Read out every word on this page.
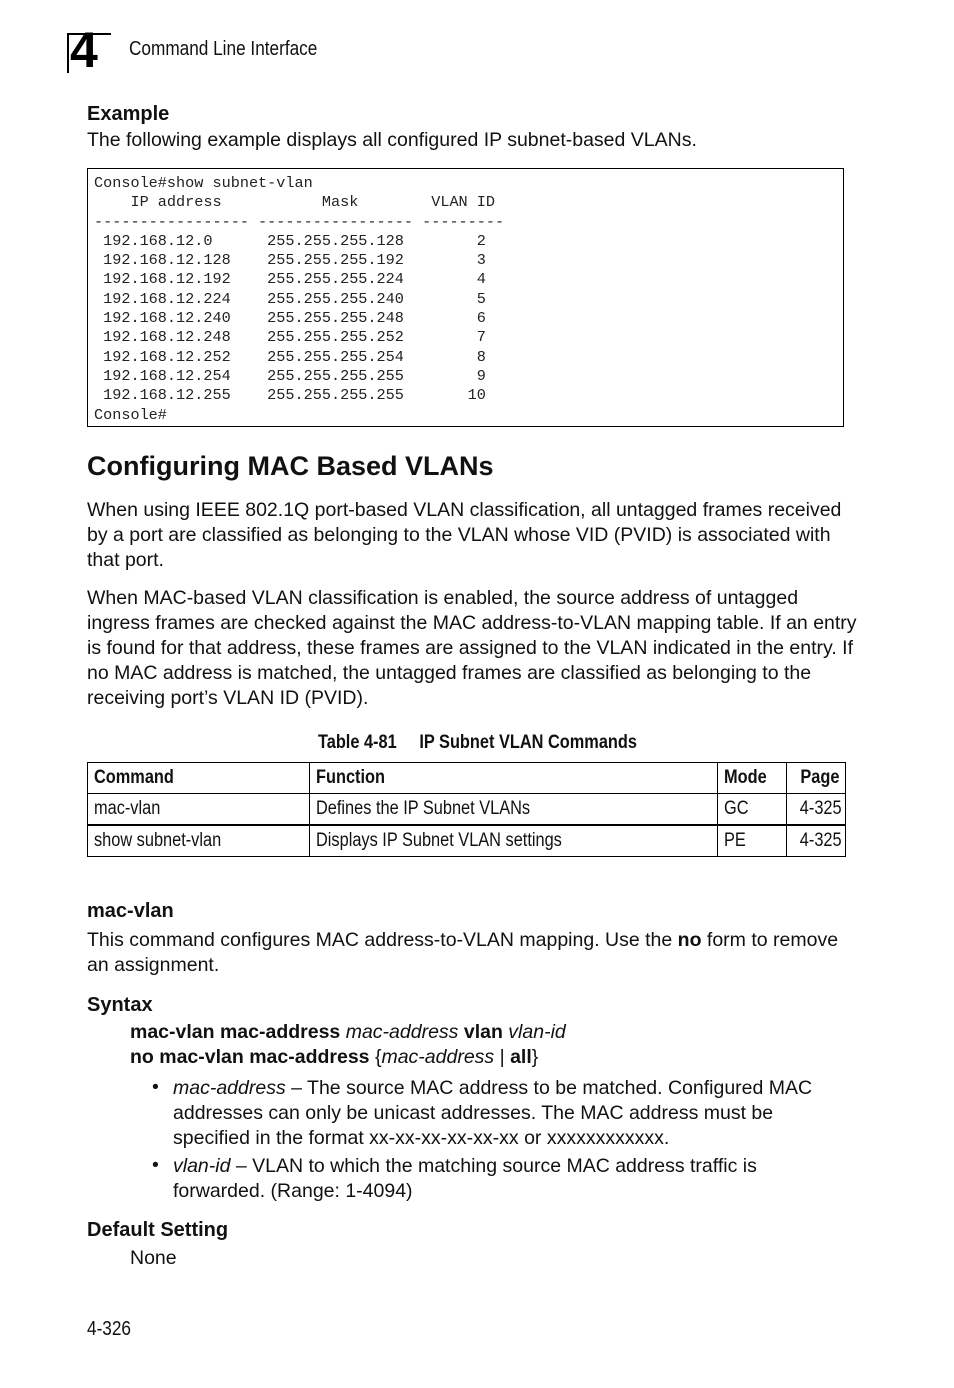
4 Command Line Interface
Example
The following example displays all configured IP subnet-based VLANs.
Console#show subnet-vlan
IP address           Mask        VLAN ID
----------------- ----------------- ---------
192.168.12.0      255.255.255.128        2
192.168.12.128    255.255.255.192        3
192.168.12.192    255.255.255.224        4
192.168.12.224    255.255.255.240        5
192.168.12.240    255.255.255.248        6
192.168.12.248    255.255.255.252        7
192.168.12.252    255.255.255.254        8
192.168.12.254    255.255.255.255        9
192.168.12.255    255.255.255.255       10
Console#
Configuring MAC Based VLANs
When using IEEE 802.1Q port-based VLAN classification, all untagged frames received by a port are classified as belonging to the VLAN whose VID (PVID) is associated with that port.
When MAC-based VLAN classification is enabled, the source address of untagged ingress frames are checked against the MAC address-to-VLAN mapping table. If an entry is found for that address, these frames are assigned to the VLAN indicated in the entry. If no MAC address is matched, the untagged frames are classified as belonging to the receiving port’s VLAN ID (PVID).
Table 4-81     IP Subnet VLAN Commands
Command	Function	Mode	Page
mac-vlan	Defines the IP Subnet VLANs	GC	4-325
show subnet-vlan	Displays IP Subnet VLAN settings	PE	4-325
mac-vlan
This command configures MAC address-to-VLAN mapping. Use the no form to remove an assignment.
Syntax
mac-vlan mac-address mac-address vlan vlan-id
no mac-vlan mac-address {mac-address | all}
• mac-address – The source MAC address to be matched. Configured MAC addresses can only be unicast addresses. The MAC address must be specified in the format xx-xx-xx-xx-xx-xx or xxxxxxxxxxxx.
• vlan-id – VLAN to which the matching source MAC address traffic is forwarded. (Range: 1-4094)
Default Setting
None
4-326
